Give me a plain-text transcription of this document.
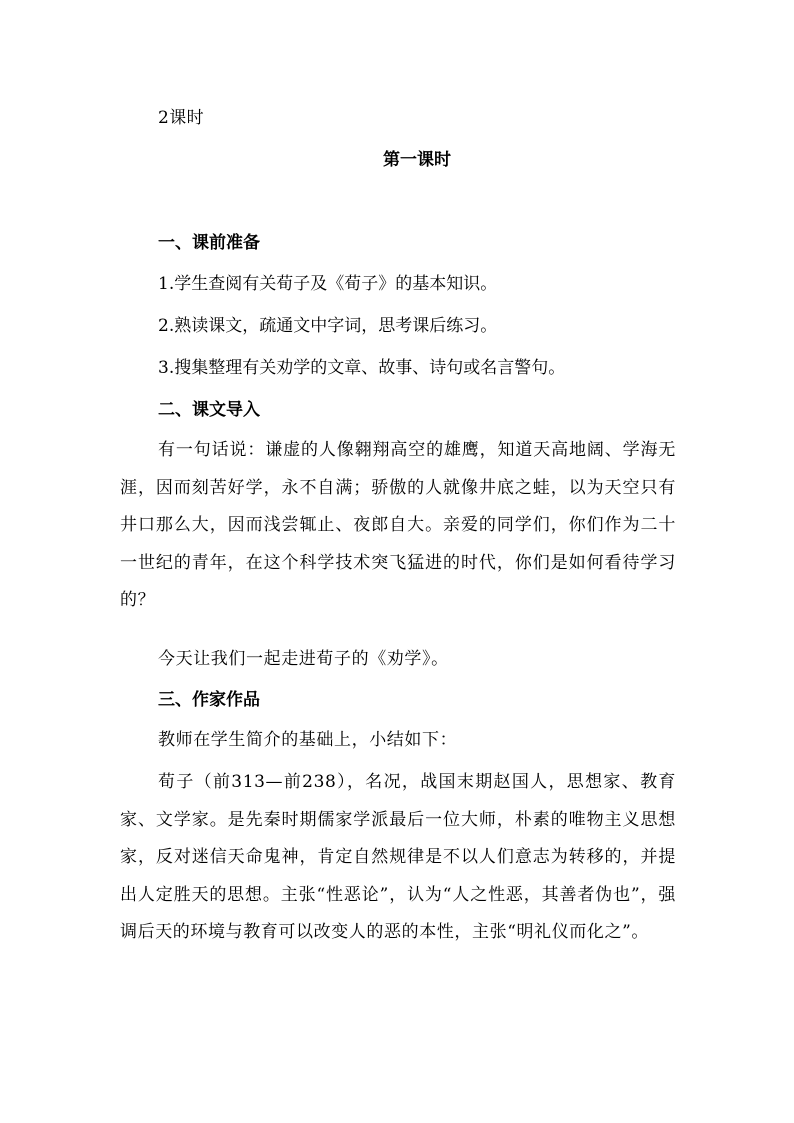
2课时
第一课时
一、课前准备
1.学生查阅有关荀子及《荀子》的基本知识。
2.熟读课文，疏通文中字词，思考课后练习。
3.搜集整理有关劝学的文章、故事、诗句或名言警句。
二、课文导入
有一句话说：谦虚的人像翱翔高空的雄鹰，知道天高地阔、学海无涯，因而刻苦好学，永不自满；骄傲的人就像井底之蛙，以为天空只有井口那么大，因而浅尝辄止、夜郎自大。亲爱的同学们，你们作为二十一世纪的青年，在这个科学技术突飞猛进的时代，你们是如何看待学习的？
今天让我们一起走进荀子的《劝学》。
三、作家作品
教师在学生简介的基础上，小结如下：
荀子（前313—前238），名况，战国末期赵国人，思想家、教育家、文学家。是先秦时期儒家学派最后一位大师，朴素的唯物主义思想家，反对迷信天命鬼神，肯定自然规律是不以人们意志为转移的，并提出人定胜天的思想。主张“性恶论”，认为“人之性恶，其善者伪也”，强调后天的环境与教育可以改变人的恶的本性，主张“明礼仪而化之”。
